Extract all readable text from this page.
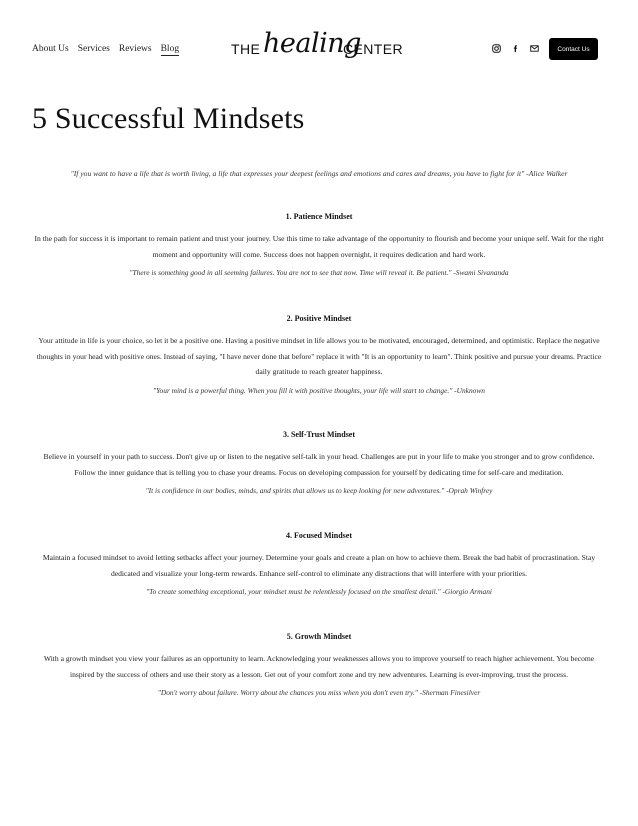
About Us Services Reviews Blog	THE healing
CENTER	Contact Us
5 Successful Mindsets
"If you want to have a life that is worth living, a life that expresses your deepest feelings and emotions and cares and dreams, you have to fight for it" -Alice Walker
1. Patience Mindset

In the path for success it is important to remain patient and trust your journey. Use this time to take advantage of the opportunity to flourish and become your unique self. Wait for the right moment and opportunity will come. Success does not happen overnight, it requires dedication and hard work.

"There is something good in all seeming failures. You are not to see that now. Time will reveal it. Be patient." -Swami Sivananda
2. Positive Mindset

Your attitude in life is your choice, so let it be a positive one. Having a positive mindset in life allows you to be motivated, encouraged, determined, and optimistic. Replace the negative thoughts in your head with positive ones. Instead of saying, "I have never done that before" replace it with "It is an opportunity to learn". Think positive and pursue your dreams. Practice daily gratitude to reach greater happiness.

"Your mind is a powerful thing. When you fill it with positive thoughts, your life will start to change." -Unknown
3. Self-Trust Mindset

Believe in yourself in your path to success. Don't give up or listen to the negative self-talk in your head. Challenges are put in your life to make you stronger and to grow confidence. Follow the inner guidance that is telling you to chase your dreams. Focus on developing compassion for yourself by dedicating time for self-care and meditation.

"It is confidence in our bodies, minds, and spirits that allows us to keep looking for new adventures." -Oprah Winfrey
4. Focused Mindset

Maintain a focused mindset to avoid letting setbacks affect your journey. Determine your goals and create a plan on how to achieve them. Break the bad habit of procrastination. Stay dedicated and visualize your long-term rewards. Enhance self-control to eliminate any distractions that will interfere with your priorities.

"To create something exceptional, your mindset must be relentlessly focused on the smallest detail." -Giorgio Armani
5. Growth Mindset

With a growth mindset you view your failures as an opportunity to learn. Acknowledging your weaknesses allows you to improve yourself to reach higher achievement. You become inspired by the success of others and use their story as a lesson. Get out of your comfort zone and try new adventures. Learning is ever-improving, trust the process.

"Don't worry about failure. Worry about the chances you miss when you don't even try." -Sherman Finesilver
